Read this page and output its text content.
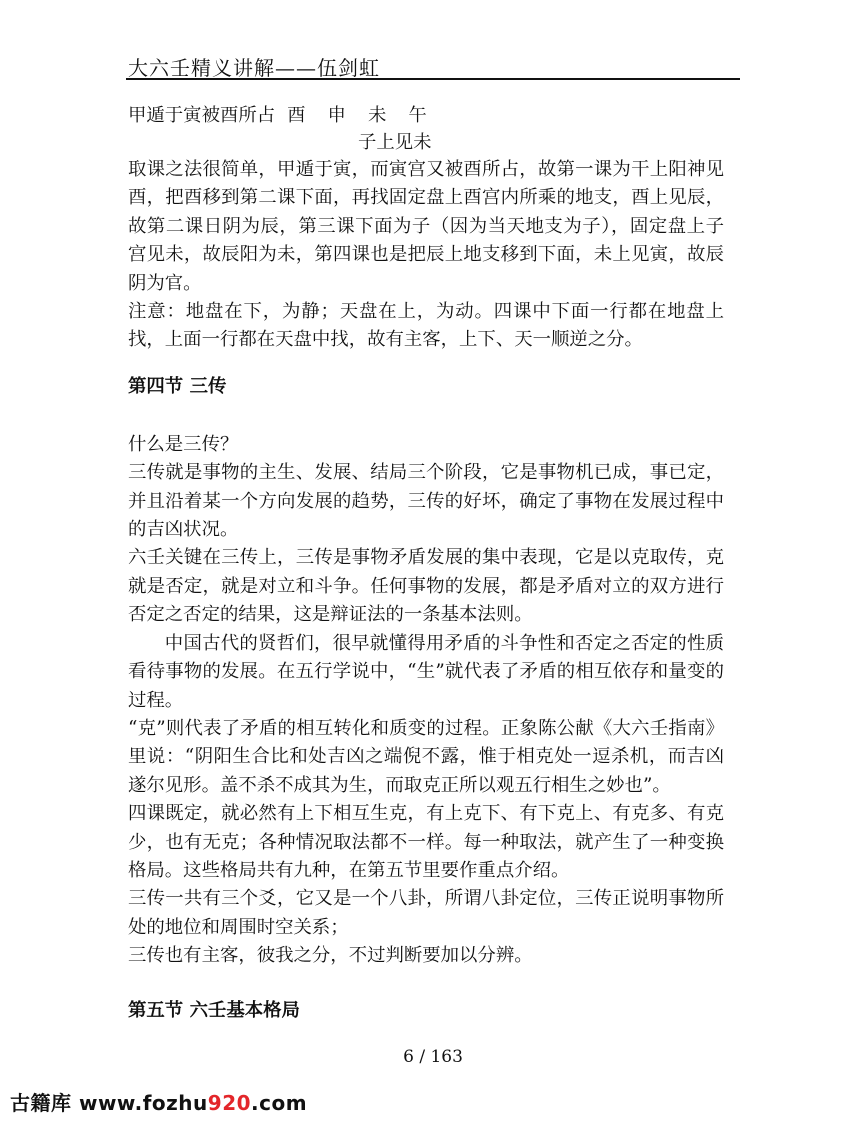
大六壬精义讲解——伍剑虹
甲遁于寅被酉所占 酉 申 未 午
子上见未

取课之法很简单，甲遁于寅，而寅宫又被酉所占，故第一课为干上阳神见酉，把酉移到第二课下面，再找固定盘上酉宫内所乘的地支，酉上见辰，故第二课日阴为辰，第三课下面为子（因为当天地支为子），固定盘上子宫见未，故辰阳为未，第四课也是把辰上地支移到下面，未上见寅，故辰阴为官。

注意：地盘在下，为静；天盘在上，为动。四课中下面一行都在地盘上找，上面一行都在天盘中找，故有主客，上下、天一顺逆之分。

第四节 三传

什么是三传？

三传就是事物的主生、发展、结局三个阶段，它是事物机已成，事已定，并且沿着某一个方向发展的趋势，三传的好坏，确定了事物在发展过程中的吉凶状况。

六壬关键在三传上，三传是事物矛盾发展的集中表现，它是以克取传，克就是否定，就是对立和斗争。任何事物的发展，都是矛盾对立的双方进行否定之否定的结果，这是辩证法的一条基本法则。

中国古代的贤哲们，很早就懂得用矛盾的斗争性和否定之否定的性质看待事物的发展。在五行学说中，“生”就代表了矛盾的相互依存和量变的过程。

“克”则代表了矛盾的相互转化和质变的过程。正象陈公献《大六壬指南》里说：“阴阳生合比和处吉凶之端倪不露，惟于相克处一逗杀机，而吉凶遂尔见形。盖不杀不成其为生，而取克正所以观五行相生之妙也”。

四课既定，就必然有上下相互生克，有上克下、有下克上、有克多、有克少，也有无克；各种情况取法都不一样。每一种取法，就产生了一种变换格局。这些格局共有九种，在第五节里要作重点介绍。

三传一共有三个爻，它又是一个八卦，所谓八卦定位，三传正说明事物所处的地位和周围时空关系；

三传也有主客，彼我之分，不过判断要加以分辨。

第五节 六壬基本格局
6 / 163
古籍库 www.fozhu920.com
